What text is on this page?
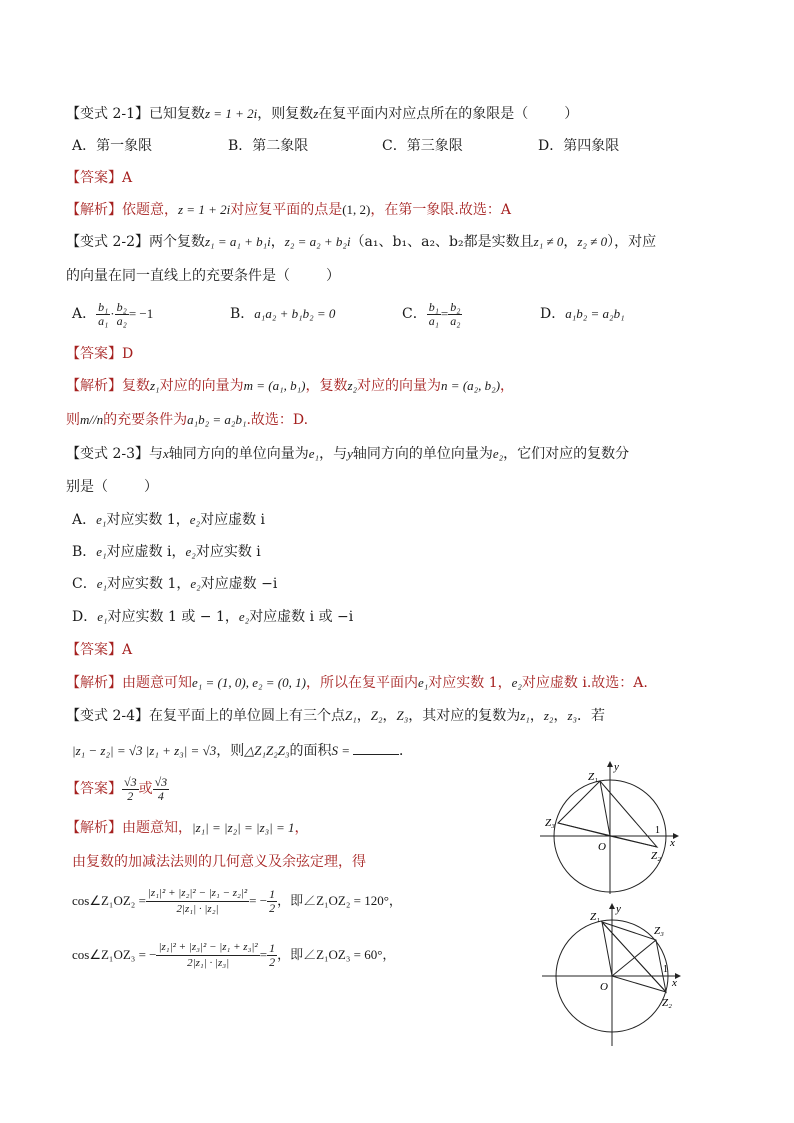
【变式 2-1】已知复数z = 1 + 2i，则复数z在复平面内对应点所在的象限是（	）
A．第一象限	B．第二象限	C．第三象限	D．第四象限
【答案】A
【解析】依题意，z = 1 + 2i对应复平面的点是(1, 2)，在第一象限.故选：A
【变式 2-2】两个复数z₁ = a₁ + b₁i，z₂ = a₂ + b₂i（a₁、b₁、a₂、b₂都是实数且z₁ ≠ 0，z₂ ≠ 0），对应
的向量在同一直线上的充要条件是（	）
A． $\frac{\text{b₁}}{\text{a₁}} \cdot \frac{\text{b₂}}{\text{a₂}} = -1$	B．a₁a₂ + b₁b₂ = 0	C． $\frac{\text{b₁}}{\text{a₁}} = \frac{\text{b₂}}{\text{a₂}}$	D．a₁b₂ = a₂b₁
【答案】D
【解析】复数z₁对应的向量为m = (a₁, b₁)，复数z₂对应的向量为n = (a₂, b₂)，
则m//n的充要条件为a₁b₂ = a₂b₁.故选：D.
【变式 2-3】与x轴同方向的单位向量为e₁，与y轴同方向的单位向量为e₂，它们对应的复数分
别是（	）
A．e₁对应实数 1，e₂对应虚数 i
B．e₁对应虚数 i，e₂对应实数 i
C．e₁对应实数 1，e₂对应虚数 −i
D．e₁对应实数 1 或 − 1，e₂对应虚数 i 或 −i
【答案】A
【解析】由题意可知e₁ = (1, 0), e₂ = (0, 1)，所以在复平面内e₁对应实数 1，e₂对应虚数 i.故选：A.
【变式 2-4】在复平面上的单位圆上有三个点Z₁，Z₂，Z₃，其对应的复数为z₁，z₂，z₃．若
|z₁ − z₂| = √3 |z₁ + z₃| = √3，则△Z₁Z₂Z₃的面积S =	．
【答案】 $\frac{√3}{2}$ 或 $\frac{√3}{4}$
【解析】由题意知，|z₁| = |z₂| = |z₃| = 1，
由复数的加减法法则的几何意义及余弦定理，得
cos∠Z₁OZ₂ = $\frac{\text{|z₁|² + |z₂|² − |z₁ − z₂|²}}{\text{2|z₁| · |z₂|}}$ = − $\frac{1}{2}$ ，即∠Z₁OZ₂ = 120°，
cos∠Z₁OZ₃ = − $\frac{\text{|z₁|² + |z₃|² − |z₁ + z₃|²}}{\text{2|z₁| · |z₃|}} = \frac{1}{2}$ ，即∠Z₁OZ₃ = 60°，
y
x
O
1
Z₁
Z₃
Z₂
y
x
O
1
Z₁
Z₃
Z₂
